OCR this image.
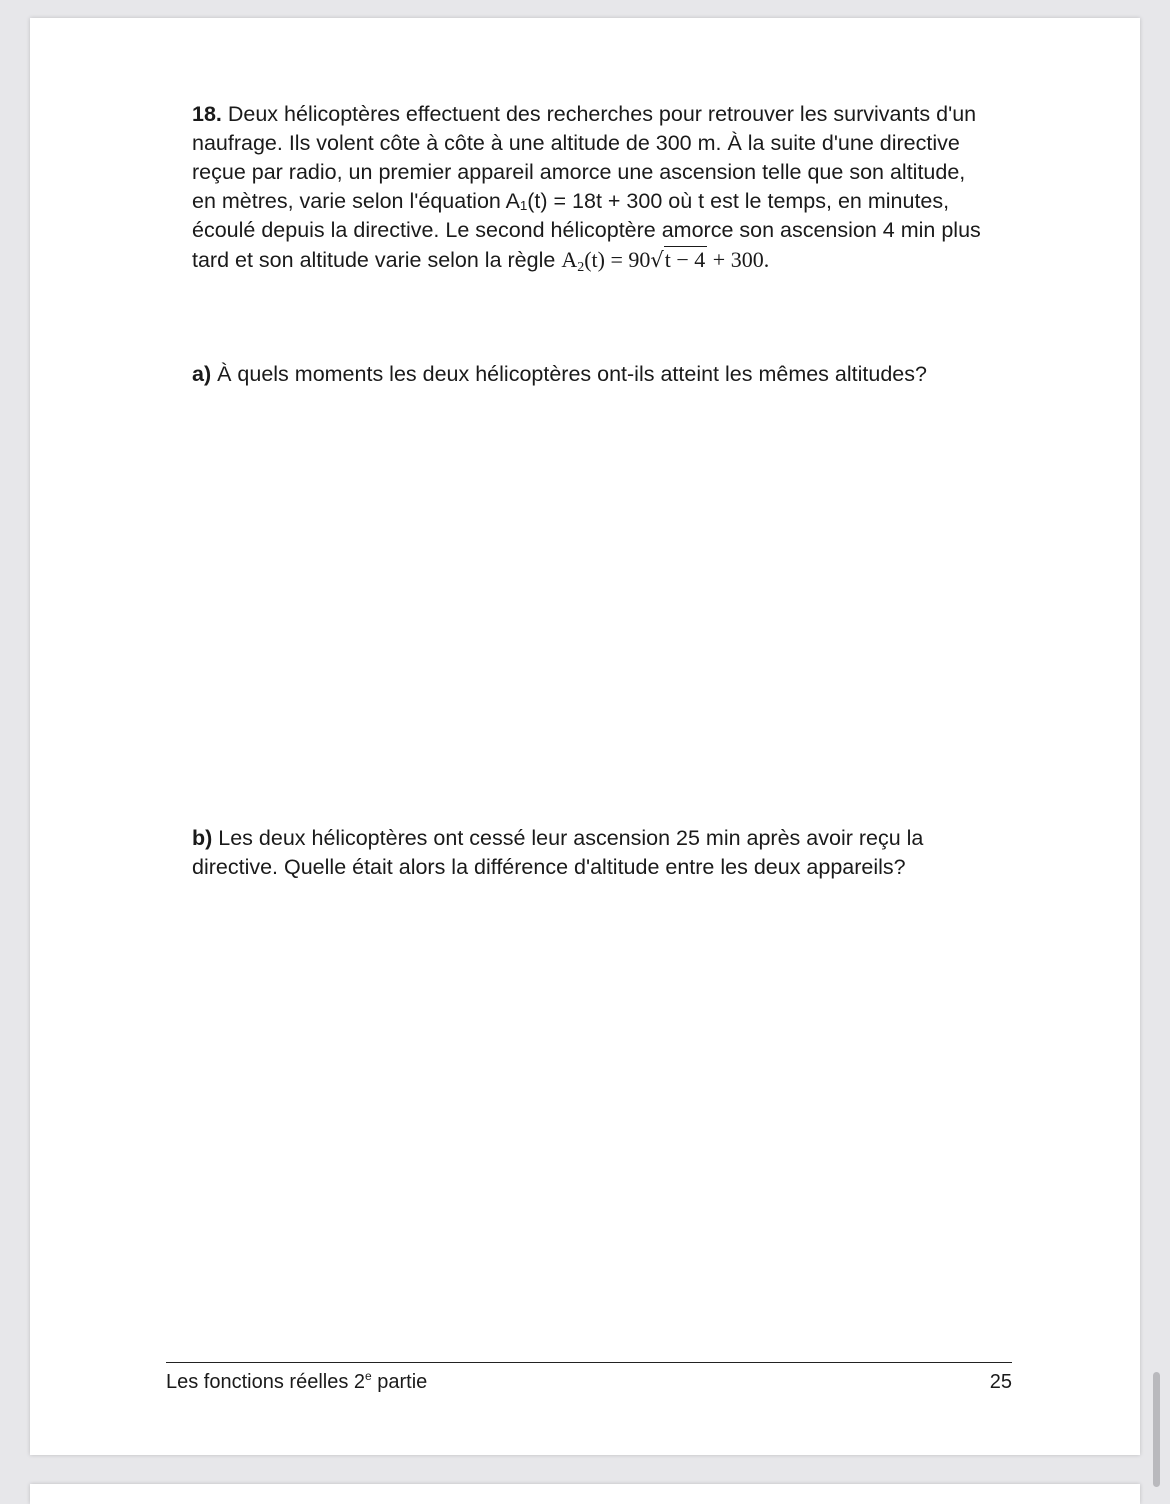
18. Deux hélicoptères effectuent des recherches pour retrouver les survivants d'un naufrage. Ils volent côte à côte à une altitude de 300 m. À la suite d'une directive reçue par radio, un premier appareil amorce une ascension telle que son altitude, en mètres, varie selon l'équation A₁(t) = 18t + 300 où t est le temps, en minutes, écoulé depuis la directive. Le second hélicoptère amorce son ascension 4 min plus tard et son altitude varie selon la règle $A_2(t) = 90√t - 4 + 300$.

a) À quels moments les deux hélicoptères ont-ils atteint les mêmes altitudes?

b) Les deux hélicoptères ont cessé leur ascension 25 min après avoir reçu la directive. Quelle était alors la différence d'altitude entre les deux appareils?

Les fonctions réelles 2e partie	25
